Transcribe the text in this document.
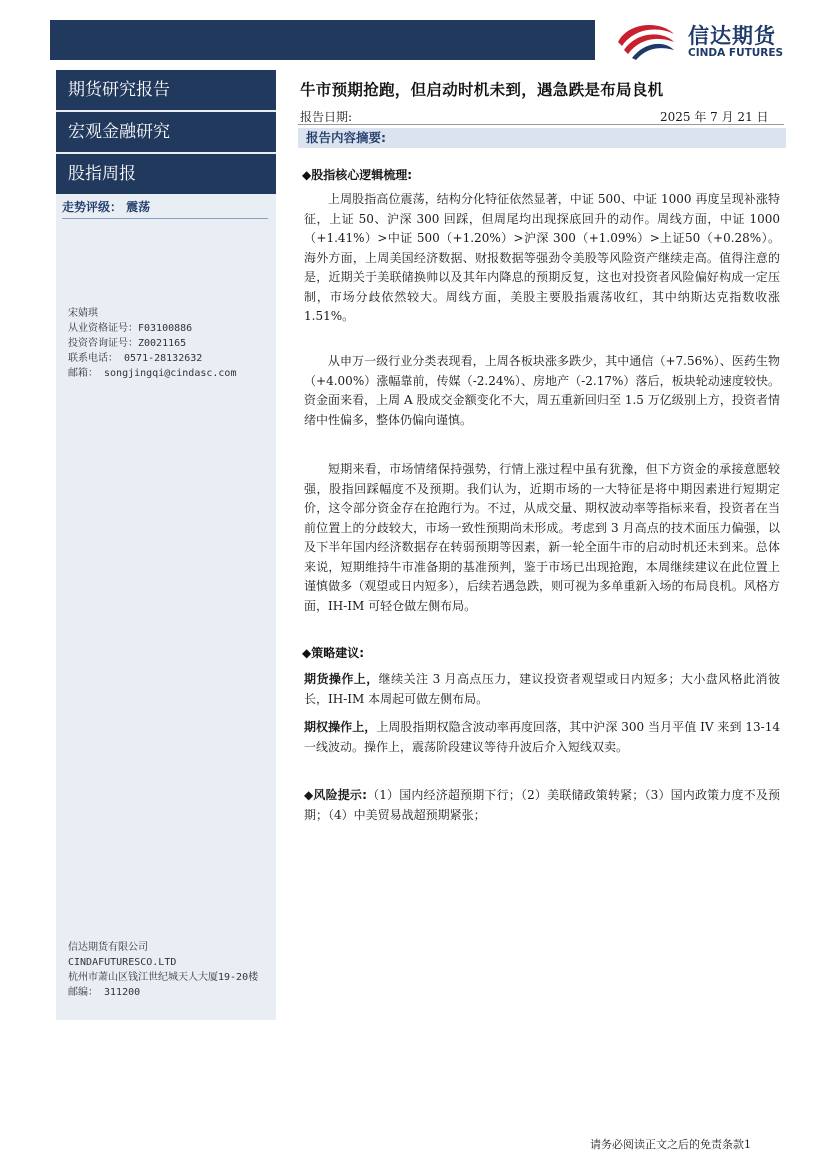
信达期货
CINDA FUTURES
期货研究报告
宏观金融研究
股指周报
走势评级： 震荡
宋婧琪
从业资格证号：F03100886
投资咨询证号：Z0021165
联系电话： 0571-28132632
邮箱： songjingqi@cindasc.com
信达期货有限公司
CINDAFUTURESCO.LTD
杭州市萧山区钱江世纪城天人大厦19-20楼
邮编： 311200
牛市预期抢跑，但启动时机未到，遇急跌是布局良机
报告日期:	2025 年 7 月 21 日
报告内容摘要:
◆股指核心逻辑梳理:
上周股指高位震荡，结构分化特征依然显著，中证 500、中证 1000 再度呈现补涨特征，上证 50、沪深 300 回踩，但周尾均出现探底回升的动作。周线方面，中证 1000（+1.41%）>中证 500（+1.20%）>沪深 300（+1.09%）>上证50（+0.28%）。海外方面，上周美国经济数据、财报数据等强劲令美股等风险资产继续走高。值得注意的是，近期关于美联储换帅以及其年内降息的预期反复，这也对投资者风险偏好构成一定压制，市场分歧依然较大。周线方面，美股主要股指震荡收红，其中纳斯达克指数收涨 1.51%。
从申万一级行业分类表现看，上周各板块涨多跌少，其中通信（+7.56%）、医药生物（+4.00%）涨幅靠前，传媒（-2.24%）、房地产（-2.17%）落后，板块轮动速度较快。资金面来看，上周 A 股成交金额变化不大，周五重新回归至 1.5 万亿级别上方，投资者情绪中性偏多，整体仍偏向谨慎。
短期来看，市场情绪保持强势，行情上涨过程中虽有犹豫，但下方资金的承接意愿较强，股指回踩幅度不及预期。我们认为，近期市场的一大特征是将中期因素进行短期定价，这令部分资金存在抢跑行为。不过，从成交量、期权波动率等指标来看，投资者在当前位置上的分歧较大，市场一致性预期尚未形成。考虑到 3 月高点的技术面压力偏强，以及下半年国内经济数据存在转弱预期等因素，新一轮全面牛市的启动时机还未到来。总体来说，短期维持牛市准备期的基准预判，鉴于市场已出现抢跑，本周继续建议在此位置上谨慎做多（观望或日内短多），后续若遇急跌，则可视为多单重新入场的布局良机。风格方面，IH-IM 可轻仓做左侧布局。
◆策略建议:
期货操作上，继续关注 3 月高点压力，建议投资者观望或日内短多；大小盘风格此消彼长，IH-IM 本周起可做左侧布局。
期权操作上，上周股指期权隐含波动率再度回落，其中沪深 300 当月平值 IV 来到 13-14 一线波动。操作上，震荡阶段建议等待升波后介入短线双卖。
◆风险提示:（1）国内经济超预期下行；（2）美联储政策转紧；（3）国内政策力度不及预期；（4）中美贸易战超预期紧张；
请务必阅读正文之后的免责条款1
